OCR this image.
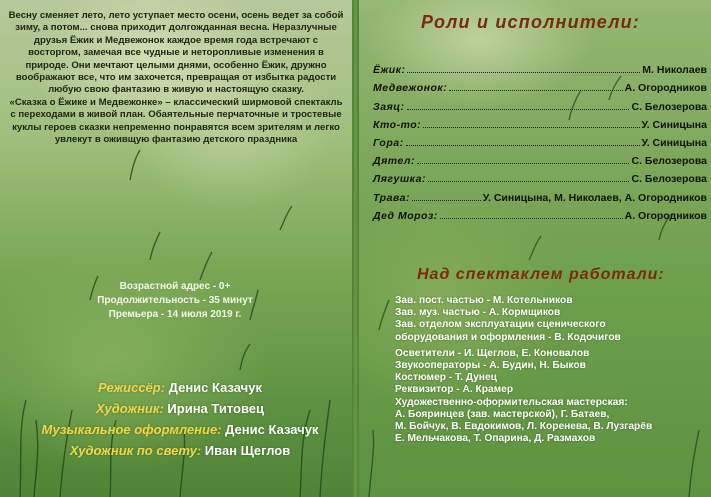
Весну сменяет лето, лето уступает место осени, осень ведет за собой зиму, а потом... снова приходит долгожданная весна. Неразлучные друзья Ёжик и Медвежонок каждое время года встречают с восторгом, замечая все чудные и неторопливые изменения в природе. Они мечтают целыми днями, особенно Ёжик, дружно воображают все, что им захочется, превращая от избытка радости любую свою фантазию в живую и настоящую сказку.

«Сказка о Ёжике и Медвежонке» – классический ширмовой спектакль с переходами в живой план. Обаятельные перчаточные и тростевые куклы героев сказки непременно понравятся всем зрителям и легко увлекут в оживщую фантазию детского праздника

Возрастной адрес - 0+
Продолжительность - 35 минут
Премьера - 14 июля 2019 г.
Режиссёр: Денис Казачук
Художник: Ирина Титовец
Музыкальное оформление: Денис Казачук
Художник по свету: Иван Щеглов
Роли и исполнители:
Ёжик:	М. Николаев
Медвежонок:	А. Огородников
Заяц:	С. Белозерова
Кто-то:	У. Синицына
Гора:	У. Синицына
Дятел:	С. Белозерова
Лягушка:	С. Белозерова
Трава:	У. Синицына, М. Николаев, А. Огородников
Дед Мороз:	А. Огородников
Над спектаклем работали:
Зав. пост. частью - М. Котельников
Зав. муз. частью - А. Кормщиков
Зав. отделом эксплуатации сценического
оборудования и оформления - В. Кодочигов
Осветители - И. Щеглов, Е. Коновалов
Звукооператоры - А. Будин, Н. Быков
Костюмер - Т. Дунец
Реквизитор - А. Крамер
Художественно-оформительская мастерская:
А. Бояринцев (зав. мастерской), Г. Батаев,
М. Бойчук, В. Евдокимов, Л. Коренева, В. Лузгарёв
Е. Мельчакова, Т. Опарина, Д. Размахов
